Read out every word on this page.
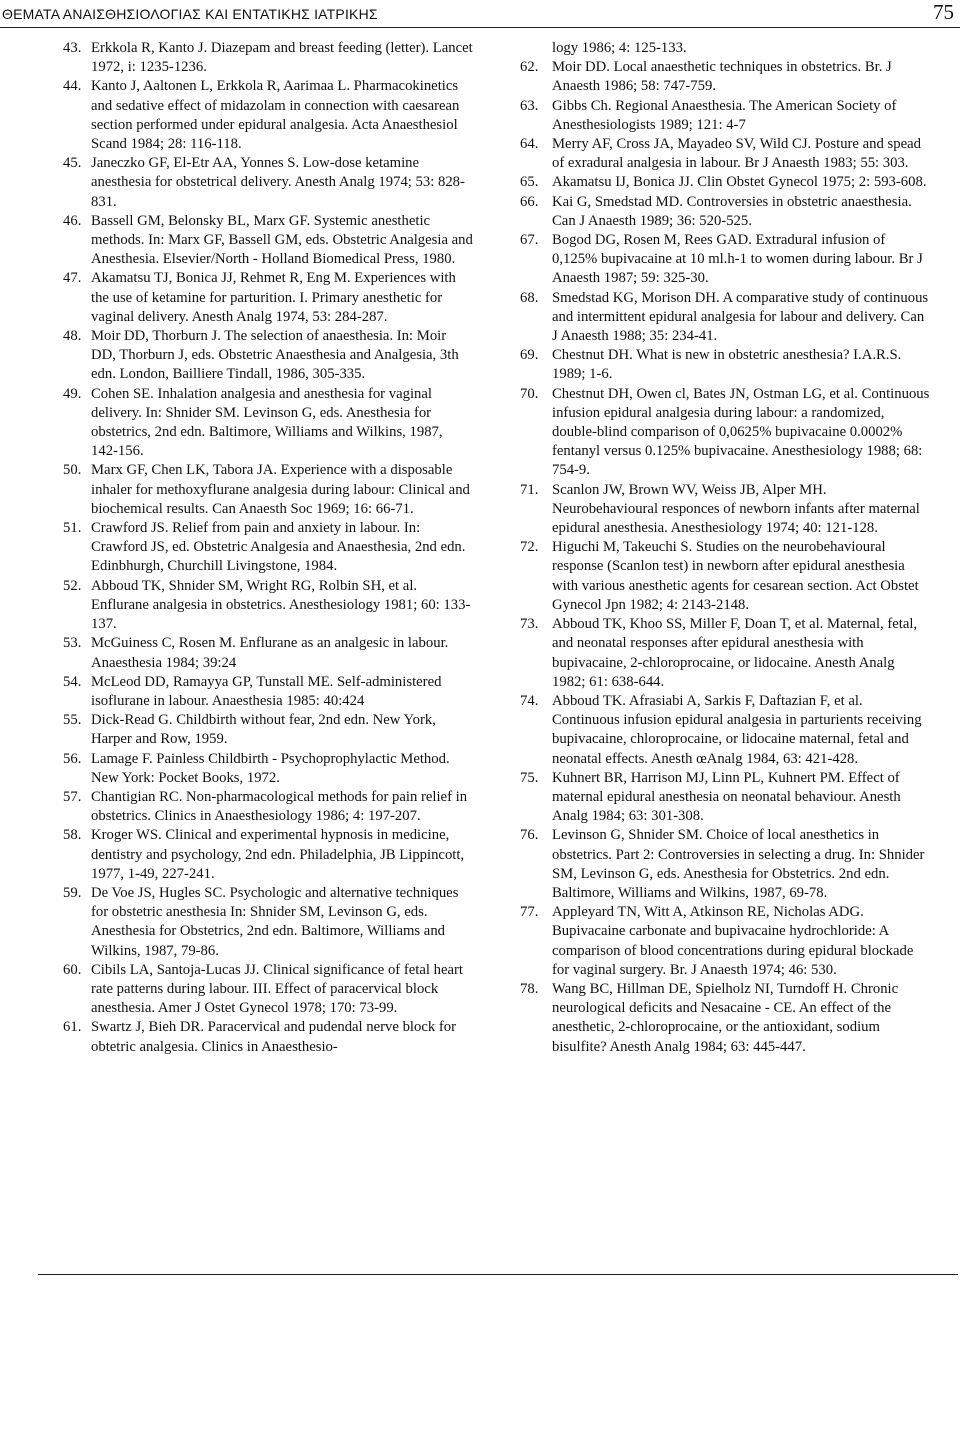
ΘΕΜΑΤΑ ΑΝΑΙΣΘΗΣΙΟΛΟΓΙΑΣ ΚΑΙ ΕΝΤΑΤΙΚΗΣ ΙΑΤΡΙΚΗΣ	75
43. Erkkola R, Kanto J. Diazepam and breast feeding (letter). Lancet 1972, i: 1235-1236.
44. Kanto J, Aaltonen L, Erkkola R, Aarimaa L. Pharmacokinetics and sedative effect of midazolam in connection with caesarean section performed under epidural analgesia. Acta Anaesthesiol Scand 1984; 28: 116-118.
45. Janeczko GF, El-Etr AA, Yonnes S. Low-dose ketamine anesthesia for obstetrical delivery. Anesth Analg 1974; 53: 828-831.
46. Bassell GM, Belonsky BL, Marx GF. Systemic anesthetic methods. In: Marx GF, Bassell GM, eds. Obstetric Analgesia and Anesthesia. Elsevier/North - Holland Biomedical Press, 1980.
47. Akamatsu TJ, Bonica JJ, Rehmet R, Eng M. Experiences with the use of ketamine for parturition. I. Primary anesthetic for vaginal delivery. Anesth Analg 1974, 53: 284-287.
48. Moir DD, Thorburn J. The selection of anaesthesia. In: Moir DD, Thorburn J, eds. Obstetric Anaesthesia and Analgesia, 3th edn. London, Bailliere Tindall, 1986, 305-335.
49. Cohen SE. Inhalation analgesia and anesthesia for vaginal delivery. In: Shnider SM. Levinson G, eds. Anesthesia for obstetrics, 2nd edn. Baltimore, Williams and Wilkins, 1987, 142-156.
50. Marx GF, Chen LK, Tabora JA. Experience with a disposable inhaler for methoxyflurane analgesia during labour: Clinical and biochemical results. Can Anaesth Soc 1969; 16: 66-71.
51. Crawford JS. Relief from pain and anxiety in labour. In: Crawford JS, ed. Obstetric Analgesia and Anaesthesia, 2nd edn. Edinbhurgh, Churchill Livingstone, 1984.
52. Abboud TK, Shnider SM, Wright RG, Rolbin SH, et al. Enflurane analgesia in obstetrics. Anesthesiology 1981; 60: 133-137.
53. McGuiness C, Rosen M. Enflurane as an analgesic in labour. Anaesthesia 1984; 39:24
54. McLeod DD, Ramayya GP, Tunstall ME. Self-administered isoflurane in labour. Anaesthesia 1985: 40:424
55. Dick-Read G. Childbirth without fear, 2nd edn. New York, Harper and Row, 1959.
56. Lamage F. Painless Childbirth - Psychoprophylactic Method. New York: Pocket Books, 1972.
57. Chantigian RC. Non-pharmacological methods for pain relief in obstetrics. Clinics in Anaesthesiology 1986; 4: 197-207.
58. Kroger WS. Clinical and experimental hypnosis in medicine, dentistry and psychology, 2nd edn. Philadelphia, JB Lippincott, 1977, 1-49, 227-241.
59. De Voe JS, Hugles SC. Psychologic and alternative techniques for obstetric anesthesia In: Shnider SM, Levinson G, eds. Anesthesia for Obstetrics, 2nd edn. Baltimore, Williams and Wilkins, 1987, 79-86.
60. Cibils LA, Santoja-Lucas JJ. Clinical significance of fetal heart rate patterns during labour. III. Effect of paracervical block anesthesia. Amer J Ostet Gynecol 1978; 170: 73-99.
61. Swartz J, Bieh DR. Paracervical and pudendal nerve block for obtetric analgesia. Clinics in Anaesthesio-
logy 1986; 4: 125-133.
62. Moir DD. Local anaesthetic techniques in obstetrics. Br. J Anaesth 1986; 58: 747-759.
63. Gibbs Ch. Regional Anaesthesia. The American Society of Anesthesiologists 1989; 121: 4-7
64. Merry AF, Cross JA, Mayadeo SV, Wild CJ. Posture and spead of exradural analgesia in labour. Br J Anaesth 1983; 55: 303.
65. Akamatsu IJ, Bonica JJ. Clin Obstet Gynecol 1975; 2: 593-608.
66. Kai G, Smedstad MD. Controversies in obstetric anaesthesia. Can J Anaesth 1989; 36: 520-525.
67. Bogod DG, Rosen M, Rees GAD. Extradural infusion of 0,125% bupivacaine at 10 ml.h-1 to women during labour. Br J Anaesth 1987; 59: 325-30.
68. Smedstad KG, Morison DH. A comparative study of continuous and intermittent epidural analgesia for labour and delivery. Can J Anaesth 1988; 35: 234-41.
69. Chestnut DH. What is new in obstetric anesthesia? I.A.R.S. 1989; 1-6.
70. Chestnut DH, Owen cl, Bates JN, Ostman LG, et al. Continuous infusion epidural analgesia during labour: a randomized, double-blind comparison of 0,0625% bupivacaine 0.0002% fentanyl versus 0.125% bupivacaine. Anesthesiology 1988; 68: 754-9.
71. Scanlon JW, Brown WV, Weiss JB, Alper MH. Neurobehavioural responces of newborn infants after maternal epidural anesthesia. Anesthesiology 1974; 40: 121-128.
72. Higuchi M, Takeuchi S. Studies on the neurobehavioural response (Scanlon test) in newborn after epidural anesthesia with various anesthetic agents for cesarean section. Act Obstet Gynecol Jpn 1982; 4: 2143-2148.
73. Abboud TK, Khoo SS, Miller F, Doan T, et al. Maternal, fetal, and neonatal responses after epidural anesthesia with bupivacaine, 2-chloroprocaine, or lidocaine. Anesth Analg 1982; 61: 638-644.
74. Abboud TK. Afrasiabi A, Sarkis F, Daftazian F, et al. Continuous infusion epidural analgesia in parturients receiving bupivacaine, chloroprocaine, or lidocaine maternal, fetal and neonatal effects. Anesth œAnalg 1984, 63: 421-428.
75. Kuhnert BR, Harrison MJ, Linn PL, Kuhnert PM. Effect of maternal epidural anesthesia on neonatal behaviour. Anesth Analg 1984; 63: 301-308.
76. Levinson G, Shnider SM. Choice of local anesthetics in obstetrics. Part 2: Controversies in selecting a drug. In: Shnider SM, Levinson G, eds. Anesthesia for Obstetrics. 2nd edn. Baltimore, Williams and Wilkins, 1987, 69-78.
77. Appleyard TN, Witt A, Atkinson RE, Nicholas ADG. Bupivacaine carbonate and bupivacaine hydrochloride: A comparison of blood concentrations during epidural blockade for vaginal surgery. Br. J Anaesth 1974; 46: 530.
78. Wang BC, Hillman DE, Spielholz NI, Turndoff H. Chronic neurological deficits and Nesacaine - CE. An effect of the anesthetic, 2-chloroprocaine, or the antioxidant, sodium bisulfite? Anesth Analg 1984; 63: 445-447.
